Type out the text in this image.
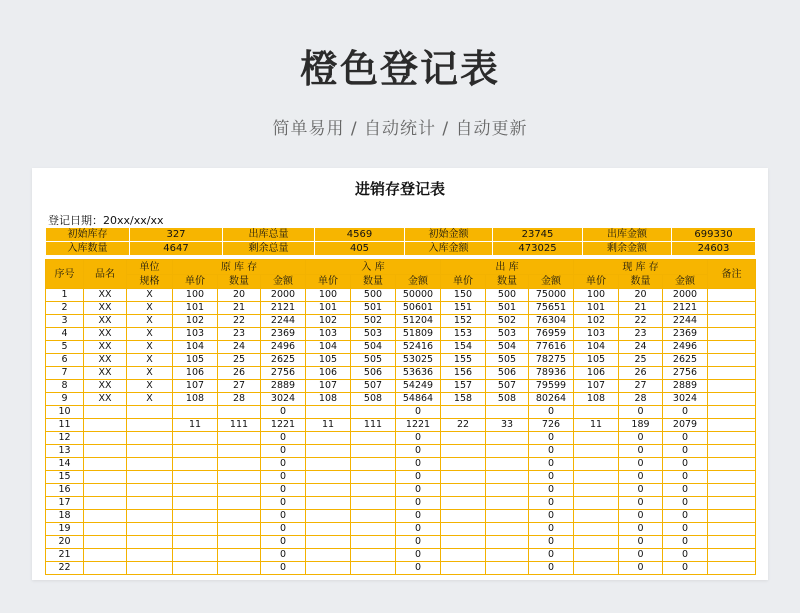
橙色登记表
简单易用 / 自动统计 / 自动更新
进销存登记表
登记日期：20xx/xx/xx
初始库存	327	出库总量	4569	初始金额	23745	出库金额	699330
入库数量	4647	剩余总量	405	入库金额	473025	剩余金额	24603
序号	品名	单位	原 库 存			入 库			出 库			现 库 存			备注
		规格	单价	数量	金额	单价	数量	金额	单价	数量	金额	单价	数量	金额	
1	XX	X	100	20	2000	100	500	50000	150	500	75000	100	20	2000	
2	XX	X	101	21	2121	101	501	50601	151	501	75651	101	21	2121	
3	XX	X	102	22	2244	102	502	51204	152	502	76304	102	22	2244	
4	XX	X	103	23	2369	103	503	51809	153	503	76959	103	23	2369	
5	XX	X	104	24	2496	104	504	52416	154	504	77616	104	24	2496	
6	XX	X	105	25	2625	105	505	53025	155	505	78275	105	25	2625	
7	XX	X	106	26	2756	106	506	53636	156	506	78936	106	26	2756	
8	XX	X	107	27	2889	107	507	54249	157	507	79599	107	27	2889	
9	XX	X	108	28	3024	108	508	54864	158	508	80264	108	28	3024	
10					0			0			0		0	0	
11			11	111	1221	11	111	1221	22	33	726	11	189	2079	
12					0			0			0		0	0	
13					0			0			0		0	0	
14					0			0			0		0	0	
15					0			0			0		0	0	
16					0			0			0		0	0	
17					0			0			0		0	0	
18					0			0			0		0	0	
19					0			0			0		0	0	
20					0			0			0		0	0	
21					0			0			0		0	0	
22					0			0			0		0	0	
